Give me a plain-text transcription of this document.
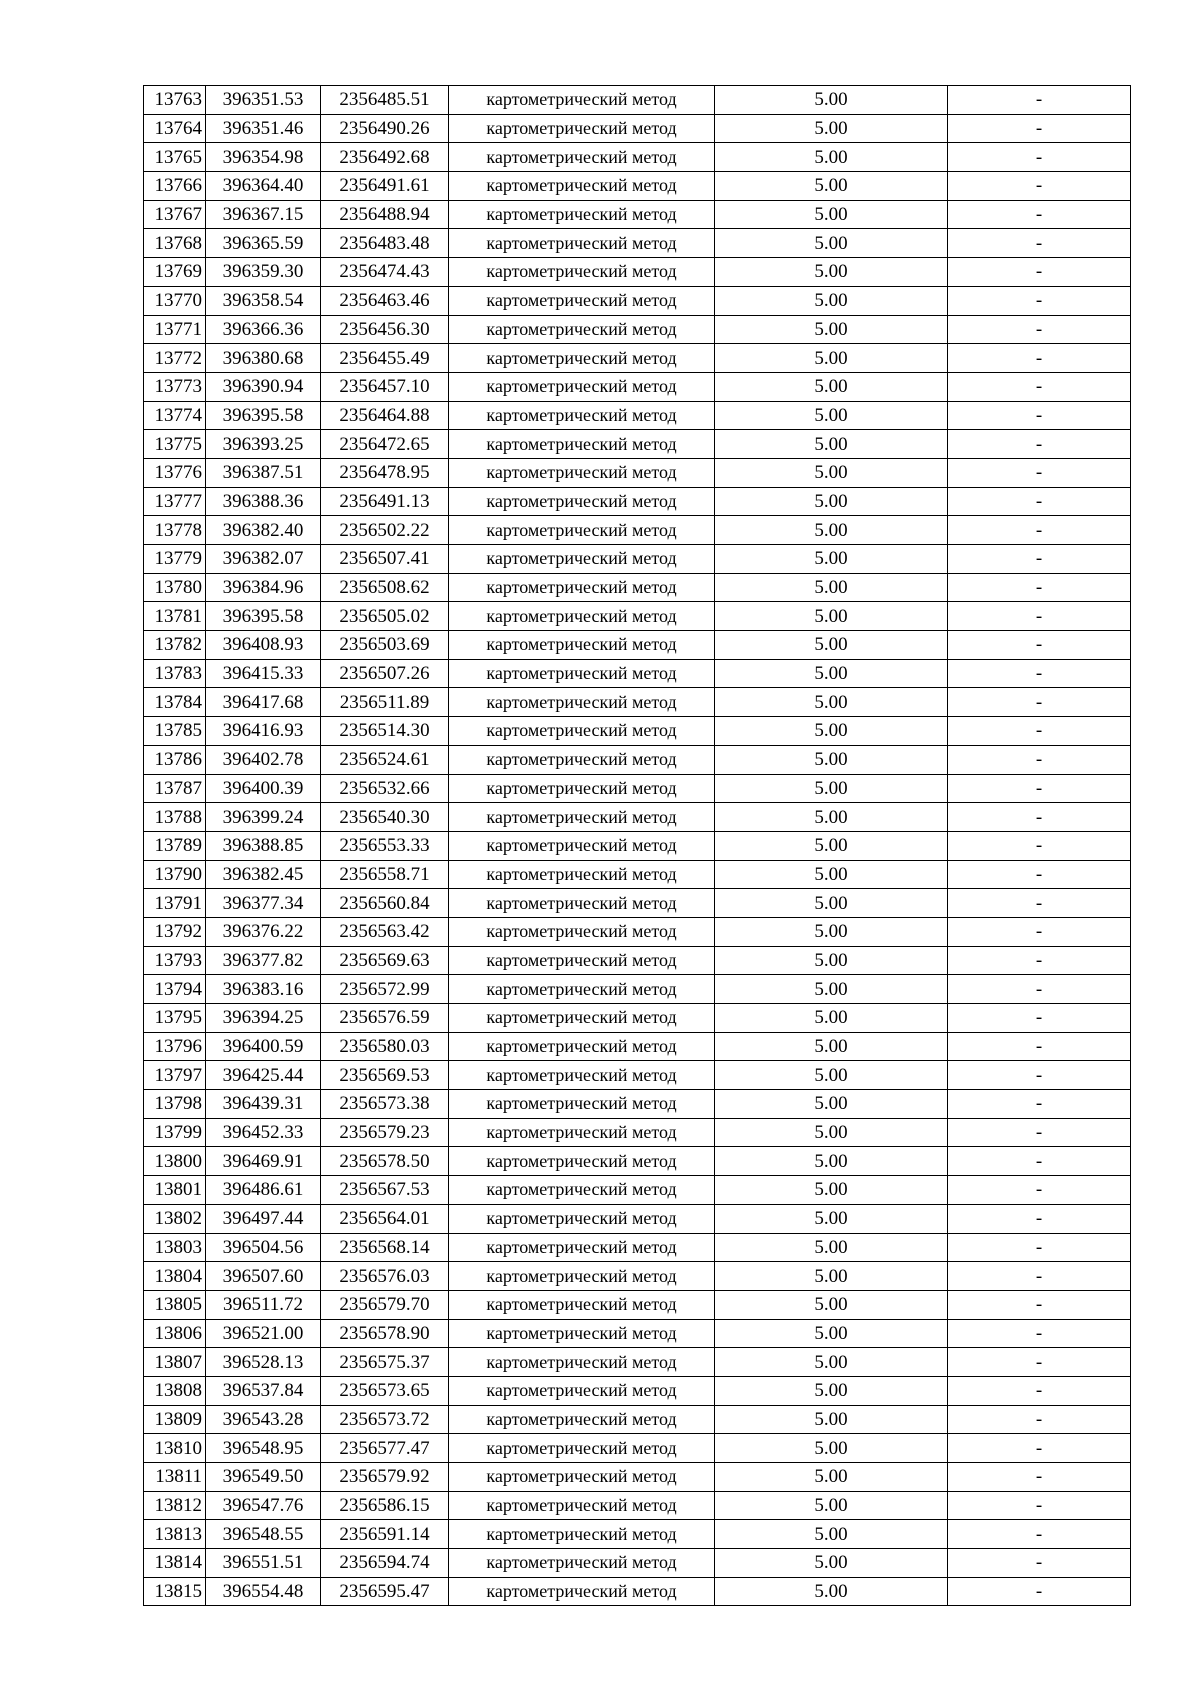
13763	396351.53	2356485.51	картометрический метод	5.00	-
13764	396351.46	2356490.26	картометрический метод	5.00	-
13765	396354.98	2356492.68	картометрический метод	5.00	-
13766	396364.40	2356491.61	картометрический метод	5.00	-
13767	396367.15	2356488.94	картометрический метод	5.00	-
13768	396365.59	2356483.48	картометрический метод	5.00	-
13769	396359.30	2356474.43	картометрический метод	5.00	-
13770	396358.54	2356463.46	картометрический метод	5.00	-
13771	396366.36	2356456.30	картометрический метод	5.00	-
13772	396380.68	2356455.49	картометрический метод	5.00	-
13773	396390.94	2356457.10	картометрический метод	5.00	-
13774	396395.58	2356464.88	картометрический метод	5.00	-
13775	396393.25	2356472.65	картометрический метод	5.00	-
13776	396387.51	2356478.95	картометрический метод	5.00	-
13777	396388.36	2356491.13	картометрический метод	5.00	-
13778	396382.40	2356502.22	картометрический метод	5.00	-
13779	396382.07	2356507.41	картометрический метод	5.00	-
13780	396384.96	2356508.62	картометрический метод	5.00	-
13781	396395.58	2356505.02	картометрический метод	5.00	-
13782	396408.93	2356503.69	картометрический метод	5.00	-
13783	396415.33	2356507.26	картометрический метод	5.00	-
13784	396417.68	2356511.89	картометрический метод	5.00	-
13785	396416.93	2356514.30	картометрический метод	5.00	-
13786	396402.78	2356524.61	картометрический метод	5.00	-
13787	396400.39	2356532.66	картометрический метод	5.00	-
13788	396399.24	2356540.30	картометрический метод	5.00	-
13789	396388.85	2356553.33	картометрический метод	5.00	-
13790	396382.45	2356558.71	картометрический метод	5.00	-
13791	396377.34	2356560.84	картометрический метод	5.00	-
13792	396376.22	2356563.42	картометрический метод	5.00	-
13793	396377.82	2356569.63	картометрический метод	5.00	-
13794	396383.16	2356572.99	картометрический метод	5.00	-
13795	396394.25	2356576.59	картометрический метод	5.00	-
13796	396400.59	2356580.03	картометрический метод	5.00	-
13797	396425.44	2356569.53	картометрический метод	5.00	-
13798	396439.31	2356573.38	картометрический метод	5.00	-
13799	396452.33	2356579.23	картометрический метод	5.00	-
13800	396469.91	2356578.50	картометрический метод	5.00	-
13801	396486.61	2356567.53	картометрический метод	5.00	-
13802	396497.44	2356564.01	картометрический метод	5.00	-
13803	396504.56	2356568.14	картометрический метод	5.00	-
13804	396507.60	2356576.03	картометрический метод	5.00	-
13805	396511.72	2356579.70	картометрический метод	5.00	-
13806	396521.00	2356578.90	картометрический метод	5.00	-
13807	396528.13	2356575.37	картометрический метод	5.00	-
13808	396537.84	2356573.65	картометрический метод	5.00	-
13809	396543.28	2356573.72	картометрический метод	5.00	-
13810	396548.95	2356577.47	картометрический метод	5.00	-
13811	396549.50	2356579.92	картометрический метод	5.00	-
13812	396547.76	2356586.15	картометрический метод	5.00	-
13813	396548.55	2356591.14	картометрический метод	5.00	-
13814	396551.51	2356594.74	картометрический метод	5.00	-
13815	396554.48	2356595.47	картометрический метод	5.00	-
